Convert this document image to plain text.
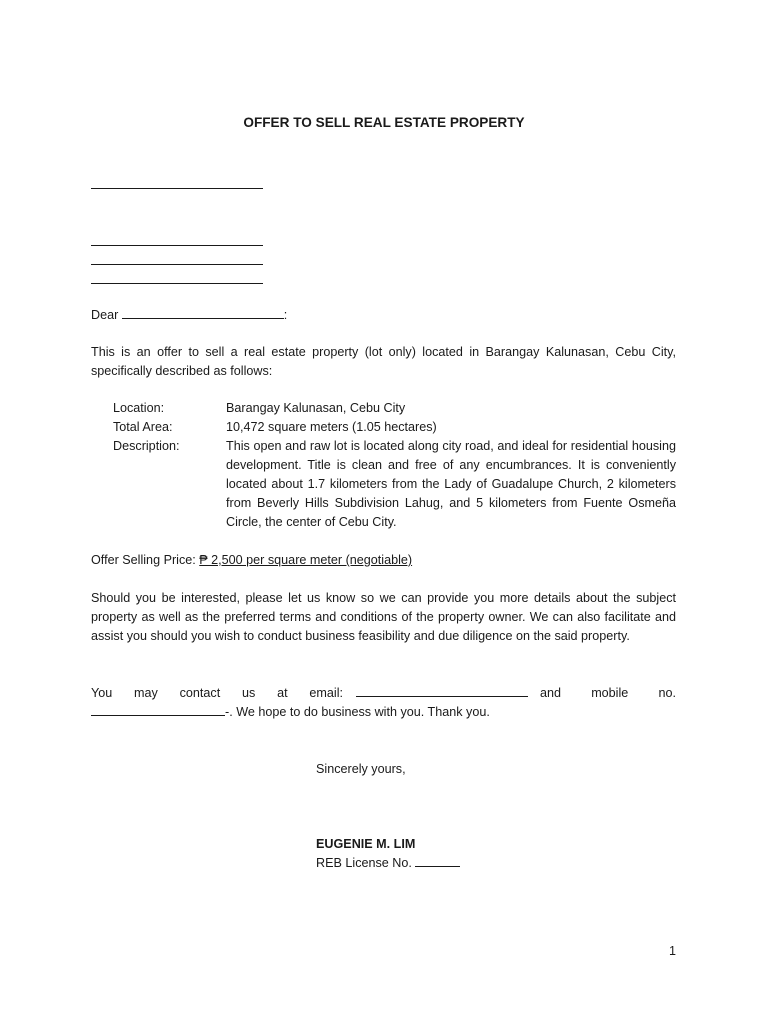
OFFER TO SELL REAL ESTATE PROPERTY
Dear	:
This is an offer to sell a real estate property (lot only) located in Barangay Kalunasan, Cebu City,
specifically described as follows:
Location:	Barangay Kalunasan, Cebu City
Total Area:	10,472 square meters (1.05 hectares)
Description:	This open and raw lot is located along city road, and ideal for residential housing development. Title is clean and free of any encumbrances. It is conveniently located about 1.7 kilometers from the Lady of Guadalupe Church, 2 kilometers from Beverly Hills Subdivision Lahug, and 5 kilometers from Fuente Osmeña Circle, the center of Cebu City.
Offer Selling Price: ₱ 2,500 per square meter (negotiable)
Should you be interested, please let us know so we can provide you more details about the subject property as well as the preferred terms and conditions of the property owner. We can also facilitate and assist you should you wish to conduct business feasibility and due diligence on the said property.
You may contact us at email:	and mobile no.
-. We hope to do business with you. Thank you.
Sincerely yours,
EUGENIE M. LIM
REB License No.
1
